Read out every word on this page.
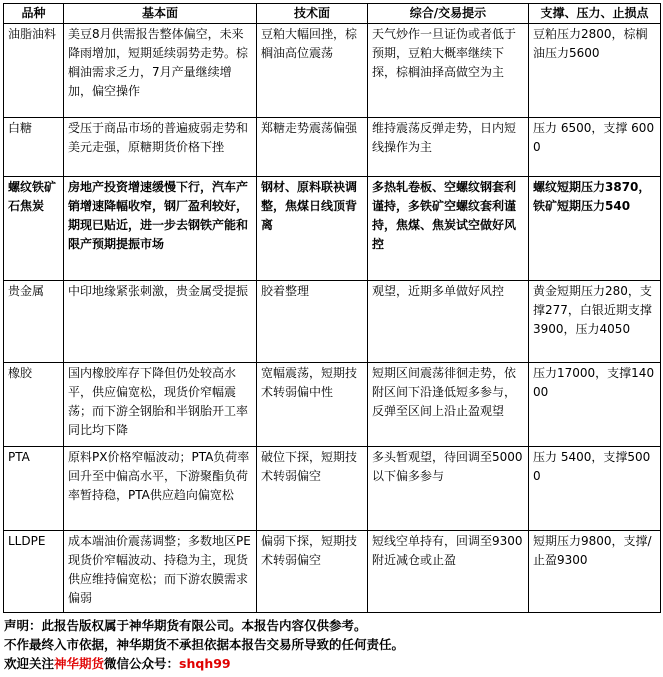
品种	基本面	技术面	综合/交易提示	支撑、压力、止损点
油脂油料	美豆8月供需报告整体偏空，未来降雨增加，短期延续弱势走势。棕榈油需求乏力，7月产量继续增加，偏空操作	豆粕大幅回挫，棕榈油高位震荡	天气炒作一旦证伪或者低于预期，豆粕大概率继续下探，棕榈油择高做空为主	豆粕压力2800，棕榈油压力5600
白糖	受压于商品市场的普遍疲弱走势和美元走强，原糖期货价格下挫	郑糖走势震荡偏强	维持震荡反弹走势，日内短线操作为主	压力 6500，支撑 6000
螺纹铁矿石焦炭	房地产投资增速缓慢下行，汽车产销增速降幅收窄，钢厂盈利较好，期现已贴近，进一步去钢铁产能和限产预期提振市场	钢材、原料联袂调整，焦煤日线顶背离	多热轧卷板、空螺纹钢套利谨持，多铁矿空螺纹套利谨持，焦煤、焦炭试空做好风控	螺纹短期压力3870，铁矿短期压力540
贵金属	中印地缘紧张刺激，贵金属受提振	胶着整理	观望，近期多单做好风控	黄金短期压力280，支撑277，白银近期支撑3900，压力4050
橡胶	国内橡胶库存下降但仍处较高水平，供应偏宽松，现货价窄幅震荡；而下游全钢胎和半钢胎开工率同比均下降	宽幅震荡，短期技术转弱偏中性	短期区间震荡徘徊走势，依附区间下沿逢低短多参与，反弹至区间上沿止盈观望	压力17000，支撑14000
PTA	原料PX价格窄幅波动；PTA负荷率回升至中偏高水平，下游聚酯负荷率暂持稳，PTA供应趋向偏宽松	破位下探，短期技术转弱偏空	多头暂观望，待回调至5000以下偏多参与	压力 5400，支撑5000
LLDPE	成本端油价震荡调整；多数地区PE现货价窄幅波动、持稳为主，现货供应维持偏宽松；而下游农膜需求偏弱	偏弱下探，短期技术转弱偏空	短线空单持有，回调至9300附近减仓或止盈	短期压力9800，支撑/止盈9300
声明：此报告版权属于神华期货有限公司。本报告内容仅供参考。
不作最终入市依据，神华期货不承担依据本报告交易所导致的任何责任。
欢迎关注神华期货微信公众号：shqh99
